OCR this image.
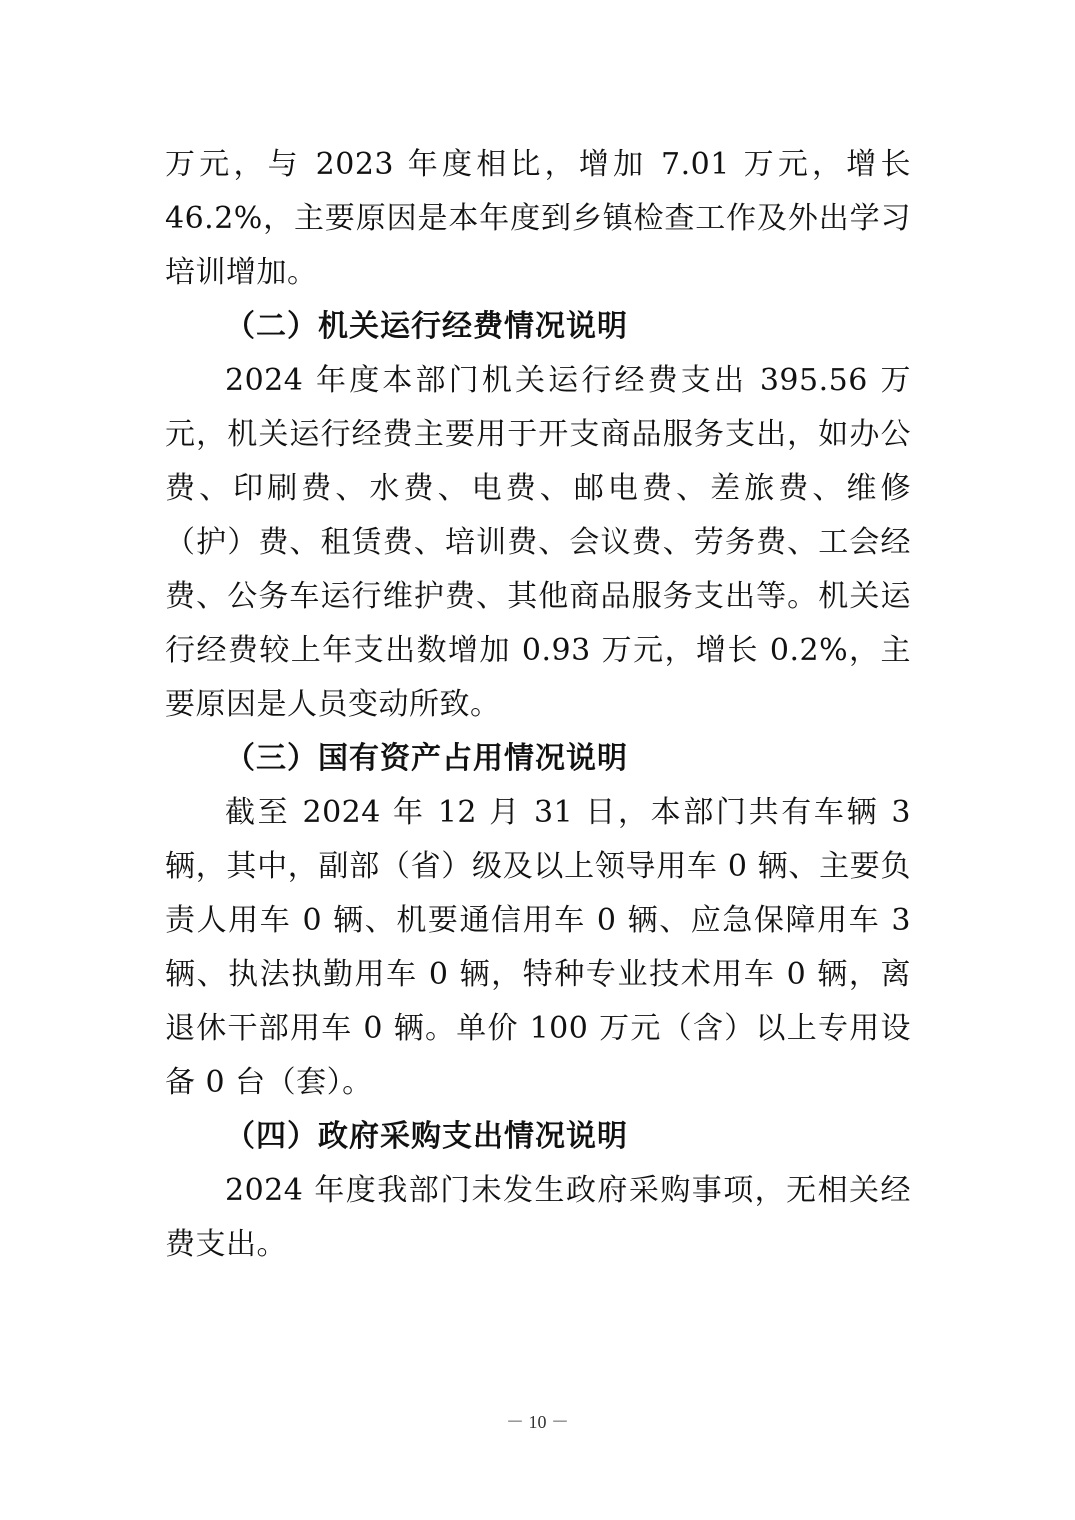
万元，与 2023 年度相比，增加 7.01 万元，增长 46.2%，主要原因是本年度到乡镇检查工作及外出学习培训增加。

（二）机关运行经费情况说明

2024 年度本部门机关运行经费支出 395.56 万元，机关运行经费主要用于开支商品服务支出，如办公费、印刷费、水费、电费、邮电费、差旅费、维修（护）费、租赁费、培训费、会议费、劳务费、工会经费、公务车运行维护费、其他商品服务支出等。机关运行经费较上年支出数增加 0.93 万元，增长 0.2%，主要原因是人员变动所致。

（三）国有资产占用情况说明

截至 2024 年 12 月 31 日，本部门共有车辆 3 辆，其中，副部（省）级及以上领导用车 0 辆、主要负责人用车 0 辆、机要通信用车 0 辆、应急保障用车 3 辆、执法执勤用车 0 辆，特种专业技术用车 0 辆，离退休干部用车 0 辆。单价 100 万元（含）以上专用设备 0 台（套）。

（四）政府采购支出情况说明

2024 年度我部门未发生政府采购事项，无相关经费支出。

－ 10 －
